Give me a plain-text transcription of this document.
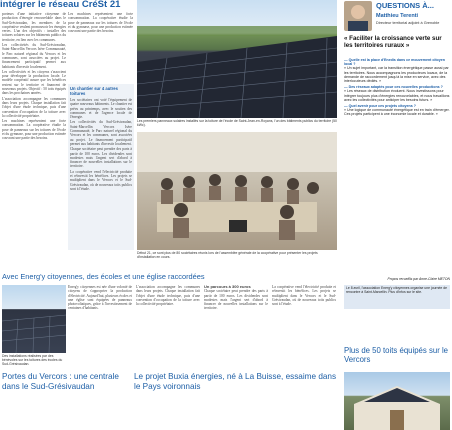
intégrer le réseau CréSt 21

porteurs d'une initiative citoyenne de production d'énergie renouvelable dans le Sud-Grésivaudan, les membres de la coopérative veulent promouvoir les énergies vertes. L'un des objectifs : installer des toitures solaires sur les bâtiments publics du territoire, en lien avec les communes.

Les collectivités du Sud-Grésivaudan, Saint-Marcellin Vercors Isère Communauté, le Parc naturel régional du Vercors et les communes, sont associées au projet. Le financement participatif permet aux habitants d'investir localement.

Les collectivités et les citoyens s'associent pour développer la production locale. Le modèle coopératif assure que les bénéfices restent sur le territoire et financent de nouveaux projets. Objectif : 50 toits équipés dans les prochaines années.

L'association accompagne les communes dans leurs projets. Chaque installation fait l'objet d'une étude technique, puis d'une convention d'occupation de la toiture avec la collectivité propriétaire.

Les machines représentent une forte consommation. La coopérative étudie la pose de panneaux sur les toitures de l'école et du gymnase, pour une production estimée couvrant une partie des besoins.

Les machines représentent une forte consommation. La coopérative étudie la pose de panneaux sur les toitures de l'école et du gymnase, pour une production estimée couvrant une partie des besoins.

Un chantier sur 4 autres toitures

Les sociétaires ont voté l'équipement de quatre nouveaux bâtiments. Le chantier est prévu au printemps, avec le soutien des communes et de l'agence locale de l'énergie.

Les collectivités du Sud-Grésivaudan, Saint-Marcellin Vercors Isère Communauté, le Parc naturel régional du Vercors et les communes, sont associées au projet. Le financement participatif permet aux habitants d'investir localement.

Chaque sociétaire peut prendre des parts à partir de 100 euros. Les dividendes sont modestes mais l'argent sert d'abord à financer de nouvelles installations sur le territoire.

La coopérative vend l'électricité produite et réinvestit les bénéfices. Les projets se multiplient dans le Vercors et le Sud-Grésivaudan, où de nouveaux toits publics sont à l'étude.

Les premiers panneaux solaires installés sur la toiture de l'école de Saint-Jean-en-Royans, l'un des bâtiments publics du territoire (50 kWc).
Début 21, ce sont plus de 80 sociétaires réunis lors de l'assemblée générale de la coopérative pour présenter les projets d'installation en cours.
QUESTIONS À...
Matthieu Terenti
Directeur territorial adjoint à Grenoble
« Faciliter la croissance verte sur les territoires ruraux »
— Quelle est la place d'Enedis dans ce mouvement citoyen local ?
« Un sujet important, car la transition énergétique passe aussi par les territoires. Nous accompagnons les producteurs locaux, de la demande de raccordement jusqu'à la mise en service, avec des interlocuteurs dédiés. »
— Des réseaux adaptés pour ces nouvelles productions ?
« Les réseaux de distribution évoluent. Nous investissons pour intégrer toujours plus d'énergies renouvelables, et nous travaillons avec les collectivités pour anticiper les besoins futurs. »
— Quel avenir pour ces projets citoyens ?
« Une logique de communauté énergétique est en train d'émerger. Ces projets participent à une économie locale et durable. »
Propos recueillis par Anne-Claire METON
Le 8 avril, l'association Energ'y citoyennes organise une journée de rencontre à Saint-Marcellin. Plus d'infos sur le site.
Avec Energ'y citoyennes, des écoles et une église raccordées
Des installations réalisées par des bénévoles sur les toitures des écoles du Sud-Grésivaudan.

Energ'y citoyennes est née d'une volonté de citoyens de s'approprier la production d'électricité. Aujourd'hui, plusieurs écoles et une église sont équipées de panneaux photovoltaïques, grâce à l'investissement de centaines d'habitants.

L'association accompagne les communes dans leurs projets. Chaque installation fait l'objet d'une étude technique, puis d'une convention d'occupation de la toiture avec la collectivité propriétaire.

Un parcours à 300 euros

Chaque sociétaire peut prendre des parts à partir de 100 euros. Les dividendes sont modestes mais l'argent sert d'abord à financer de nouvelles installations sur le territoire.

La coopérative vend l'électricité produite et réinvestit les bénéfices. Les projets se multiplient dans le Vercors et le Sud-Grésivaudan, où de nouveaux toits publics sont à l'étude.

Portes du Vercors : une centrale dans le Sud-Grésivaudan
Le projet Buxia énergies, né à La Buisse, essaime dans le Pays voironnais
Plus de 50 toits équipés sur le Vercors
